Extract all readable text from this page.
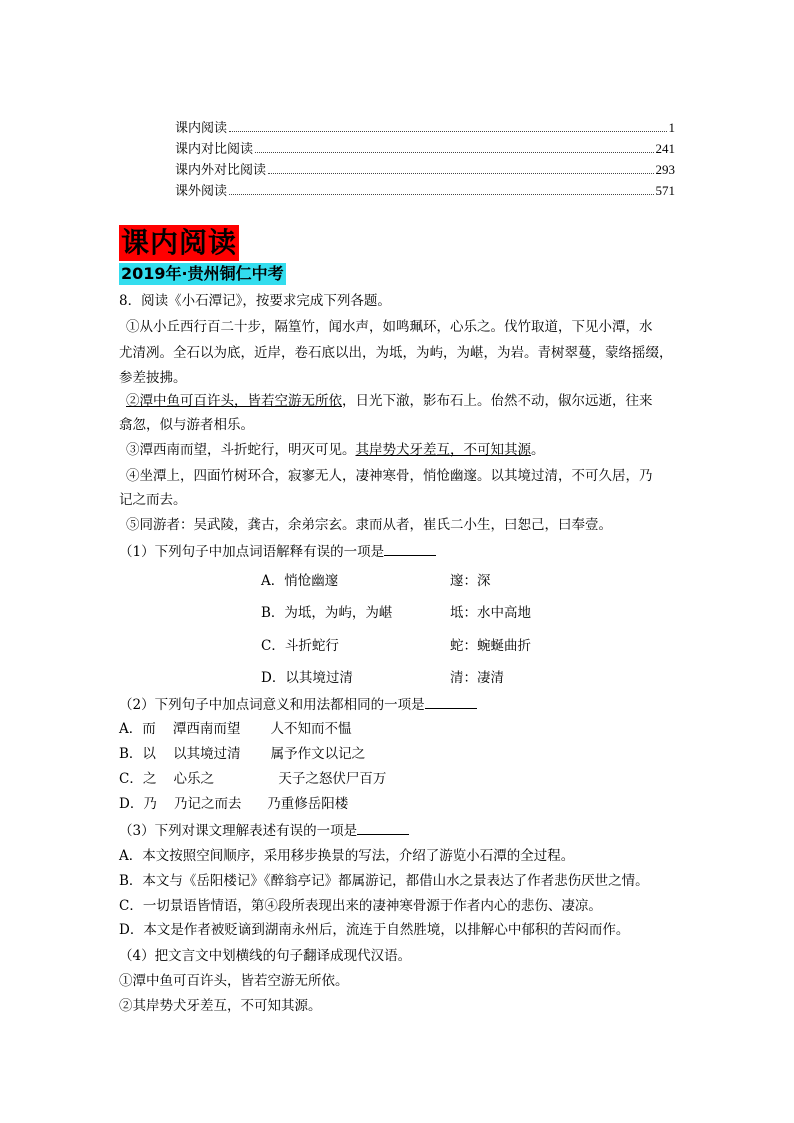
课内阅读	1
课内对比阅读	241
课内外对比阅读	293
课外阅读	571
课内阅读
2019年·贵州铜仁中考
8．阅读《小石潭记》，按要求完成下列各题。
①从小丘西行百二十步，隔篁竹，闻水声，如鸣珮环，心乐之。伐竹取道，下见小潭，水
尤清冽。全石以为底，近岸，卷石底以出，为坻，为屿，为嵁，为岩。青树翠蔓，蒙络摇缀，
参差披拂。
②潭中鱼可百许头，皆若空游无所依，日光下澈，影布石上。佁然不动，俶尔远逝，往来
翕忽，似与游者相乐。
③潭西南而望，斗折蛇行，明灭可见。其岸势犬牙差互，不可知其源。
④坐潭上，四面竹树环合，寂寥无人，凄神寒骨，悄怆幽邃。以其境过清，不可久居，乃
记之而去。
⑤同游者：吴武陵，龚古，余弟宗玄。隶而从者，崔氏二小生，曰恕己，曰奉壹。
（1）下列句子中加点词语解释有误的一项是
A．悄怆幽邃	邃：深
B．为坻，为屿，为嵁	坻：水中高地
C．斗折蛇行	蛇：蜿蜒曲折
D．以其境过清	清：凄清
（2）下列句子中加点词意义和用法都相同的一项是
A．而    潭西南而望       人不知而不愠
B．以    以其境过清       属予作文以记之
C．之    心乐之               天子之怒伏尸百万
D．乃    乃记之而去      乃重修岳阳楼
（3）下列对课文理解表述有误的一项是
A．本文按照空间顺序，采用移步换景的写法，介绍了游览小石潭的全过程。
B．本文与《岳阳楼记》《醉翁亭记》都属游记，都借山水之景表达了作者悲伤厌世之情。
C．一切景语皆情语，第④段所表现出来的凄神寒骨源于作者内心的悲伤、凄凉。
D．本文是作者被贬谪到湖南永州后，流连于自然胜境，以排解心中郁积的苦闷而作。
（4）把文言文中划横线的句子翻译成现代汉语。
①潭中鱼可百许头，皆若空游无所依。
②其岸势犬牙差互，不可知其源。
